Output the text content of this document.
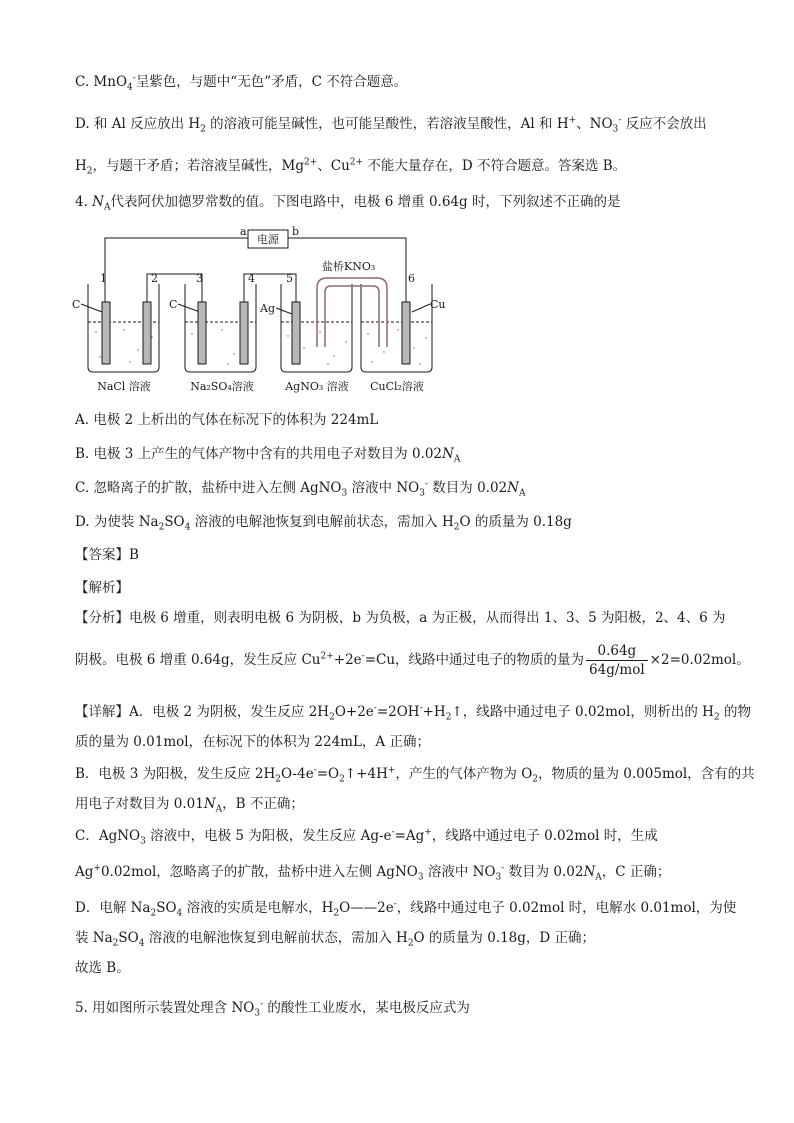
C. MnO$_4$-呈紫色，与题中“无色”矛盾，C 不符合题意。
D. 和 Al 反应放出 $H_2$ 的溶液可能呈碱性，也可能呈酸性，若溶液呈酸性，Al 和 H+、$NO_3^-$ 反应不会放出
$H_2$，与题干矛盾；若溶液呈碱性，$Mg^{2+}$、$Cu^{2+}$ 不能大量存在，D 不符合题意。答案选 B。
4. $N_A$代表阿伏加德罗常数的值。下图电路中，电极 6 增重 0.64g 时，下列叙述不正确的是
电源
a	b
1	2	3	4	5	6
盐桥KNO₃
C	C	Ag	Cu
NaCl 溶液	Na₂SO₄溶液	AgNO₃ 溶液 CuCl₂溶液
A. 电极 2 上析出的气体在标况下的体积为 224mL
B. 电极 3 上产生的气体产物中含有的共用电子对数目为 $0.02N_A$
C. 忽略离子的扩散，盐桥中进入左侧 AgNO$_3$ 溶液中 $NO_3^-$ 数目为 $0.02N_A$
D. 为使装 $Na_2SO_4$ 溶液的电解池恢复到电解前状态，需加入 $H_2O$ 的质量为 0.18g
【答案】B
【解析】
【分析】电极 6 增重，则表明电极 6 为阴极，b 为负极，a 为正极，从而得出 1、3、5 为阳极，2、4、6 为
阴极。电极 6 增重 0.64g，发生反应 $Cu^{2+}+2e^-=Cu$，线路中通过电子的物质的量为 $\frac{0.64g}{\text{64g/mol}} \times 2=0.02mol$。
【详解】A．电极 2 为阴极，发生反应 $2H_2O+2e^-=2OH^-+H_2↑$，线路中通过电子 0.02mol，则析出的 $H_2$ 的物
质的量为 0.01mol，在标况下的体积为 224mL，A 正确；
B．电极 3 为阳极，发生反应 $2H_2O-4e^-=O_2↑+4H^+$，产生的气体产物为 $O_2$，物质的量为 0.005mol，含有的共
用电子对数目为 $0.01N_A$，B 不正确；
C．AgNO$_3$ 溶液中，电极 5 为阳极，发生反应 Ag-e-=Ag+，线路中通过电子 0.02mol 时，生成
Ag+0.02mol，忽略离子的扩散，盐桥中进入左侧 AgNO$_3$ 溶液中 $NO_3^-$ 数目为 $0.02N_A$，C 正确；
D．电解 $Na_2SO_4$ 溶液的实质是电解水，$H_2O——2e^-$，线路中通过电子 0.02mol 时，电解水 0.01mol，为使
装 $Na_2SO_4$ 溶液的电解池恢复到电解前状态，需加入 $H_2O$ 的质量为 0.18g，D 正确；
故选 B。
5. 用如图所示装置处理含 $NO_3^-$ 的酸性工业废水，某电极反应式为
